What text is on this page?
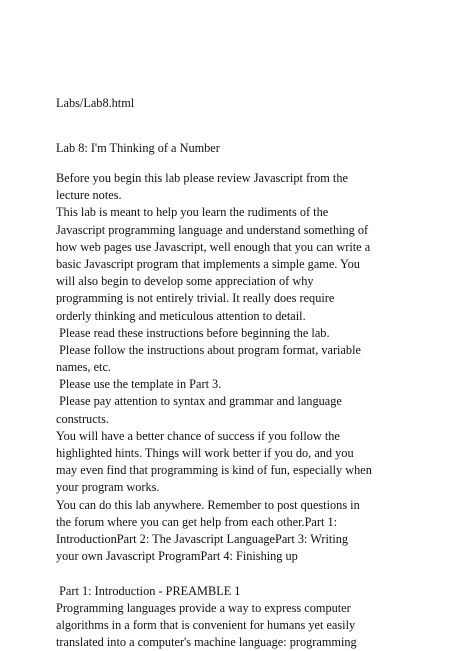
Labs/Lab8.html
Lab 8: I'm Thinking of a Number
Before you begin this lab please review Javascript from the
lecture notes.
This lab is meant to help you learn the rudiments of the
Javascript programming language and understand something of
how web pages use Javascript, well enough that you can write a
basic Javascript program that implements a simple game. You
will also begin to develop some appreciation of why
programming is not entirely trivial. It really does require
orderly thinking and meticulous attention to detail.
Please read these instructions before beginning the lab.
Please follow the instructions about program format, variable
names, etc.
Please use the template in Part 3.
Please pay attention to syntax and grammar and language
constructs.
You will have a better chance of success if you follow the
highlighted hints. Things will work better if you do, and you
may even find that programming is kind of fun, especially when
your program works.
You can do this lab anywhere. Remember to post questions in
the forum where you can get help from each other.Part 1:
IntroductionPart 2: The Javascript LanguagePart 3: Writing
your own Javascript ProgramPart 4: Finishing up
Part 1: Introduction - PREAMBLE 1
Programming languages provide a way to express computer
algorithms in a form that is convenient for humans yet easily
translated into a computer's machine language: programming
